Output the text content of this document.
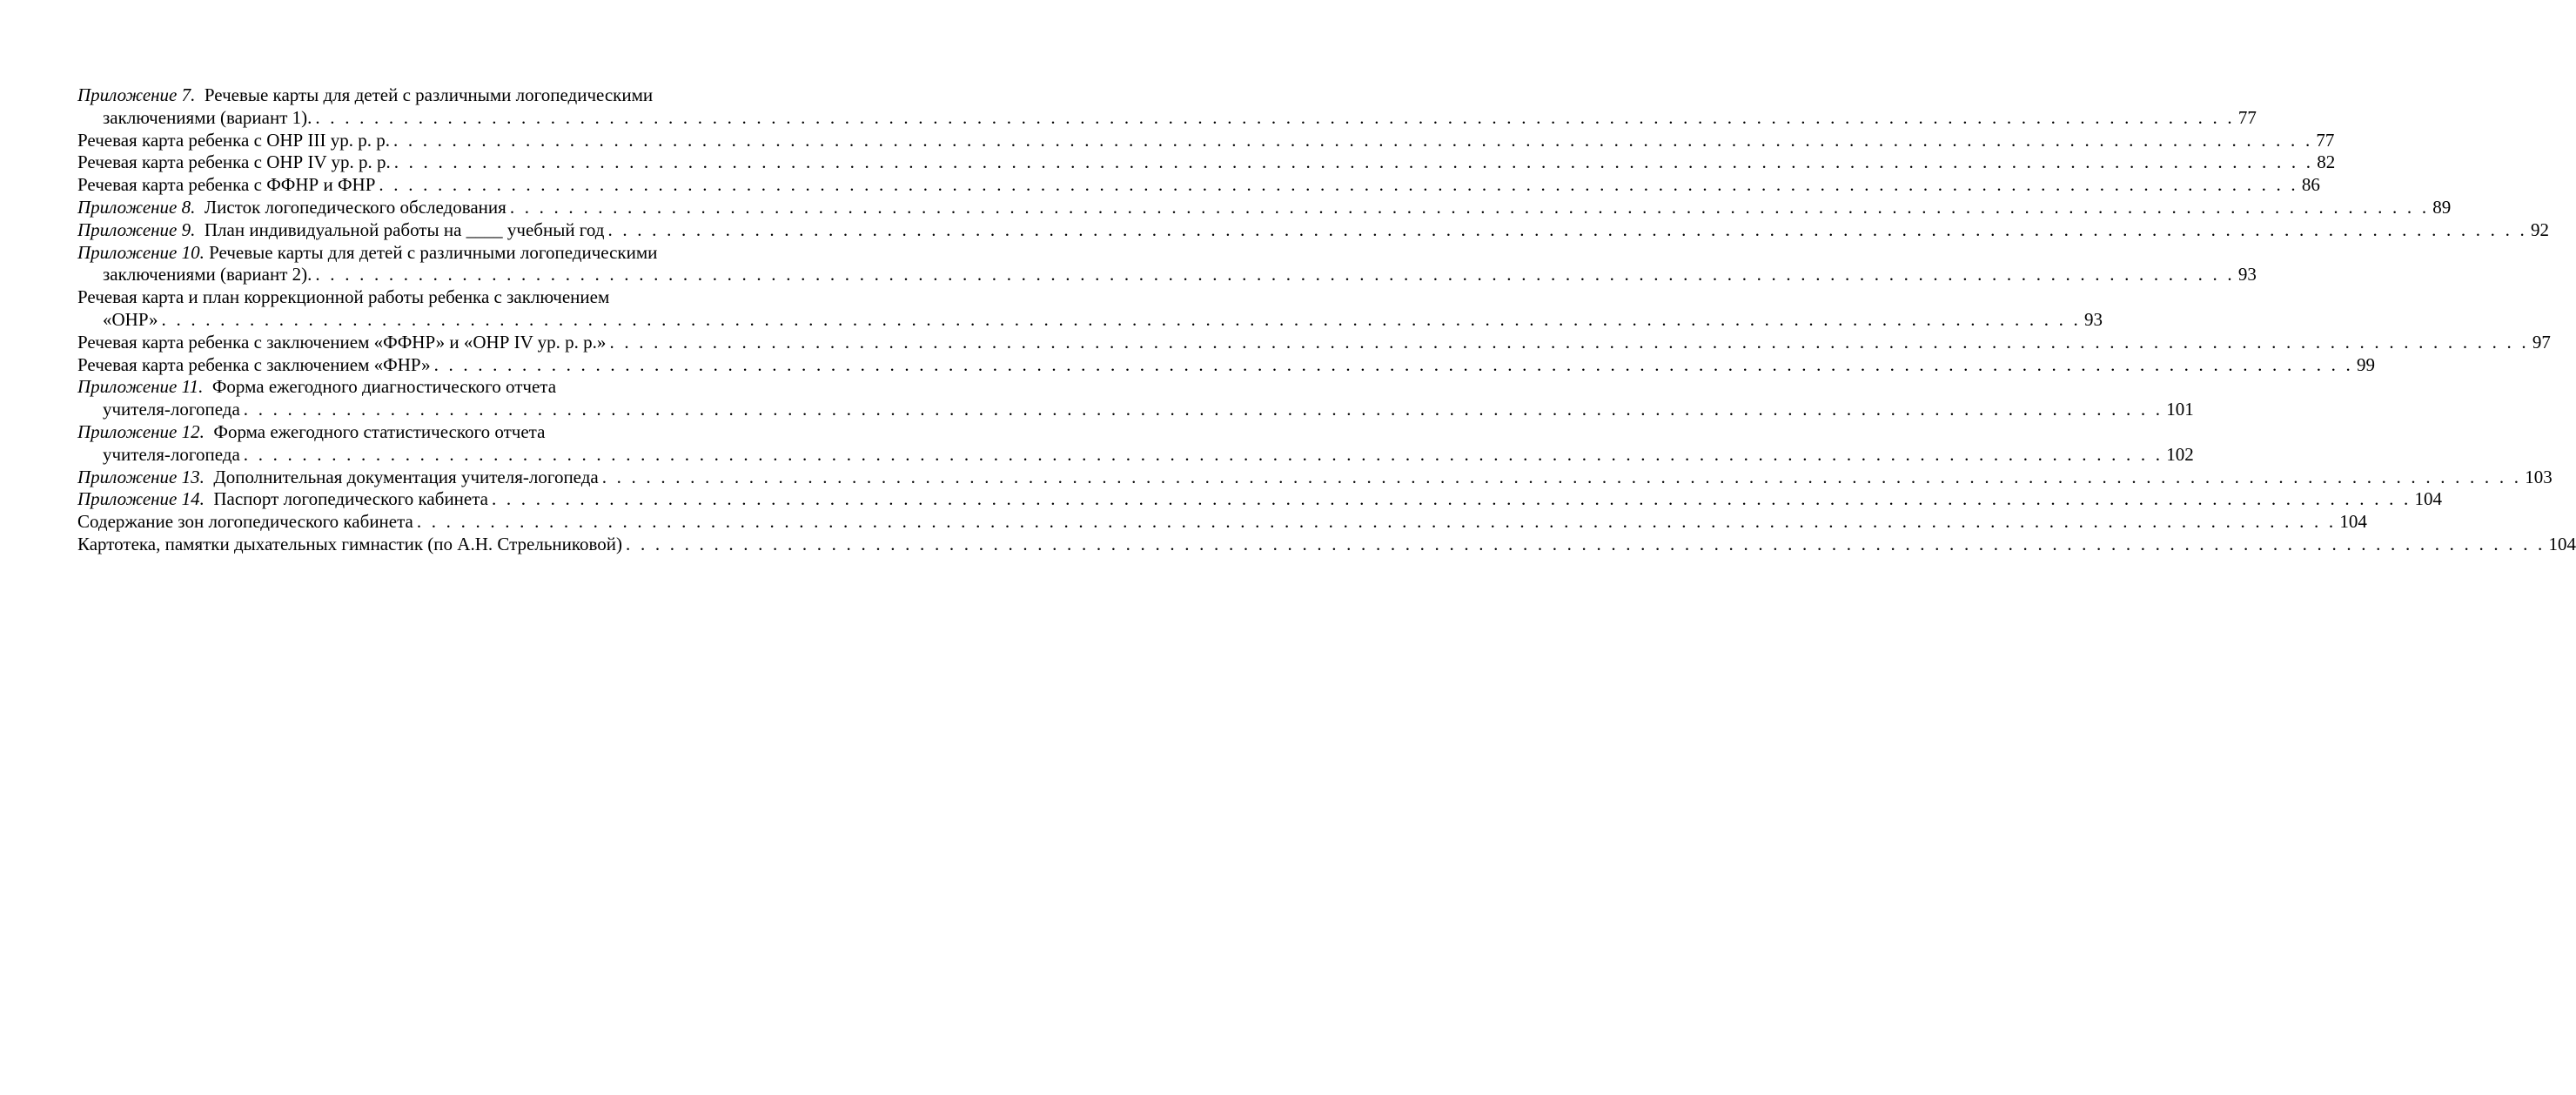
Приложение 7. Речевые карты для детей с различными логопедическими
заключениями (вариант 1). . . . . . . . . . . . . . . . . . . . . . . . . . . . . . . . . . . . . . . . . . . . . . . . . . . . . . . . . . . . . . . . . . . . . . . . . . . . . . . . . . . . . . . . . . . . . . . . . . . . . . . . . . . . . . . . . . . . . . . . . . . . . . . . . . . . 77
Речевая карта ребенка с ОНР III ур. р. р. . . . . . . . . . . . . . . . . . . . . . . . . . . . . . . . . . . . . . . . . . . . . . . . . . . . . . . . . . . . . . . . . . . . . . . . . . . . . . . . . . . . . . . . . . . . . . . . . . . . . . . . . . . . . . . . . . . . . . . . . . . . . . . . . . . . 77
Речевая карта ребенка с ОНР IV ур. р. р. . . . . . . . . . . . . . . . . . . . . . . . . . . . . . . . . . . . . . . . . . . . . . . . . . . . . . . . . . . . . . . . . . . . . . . . . . . . . . . . . . . . . . . . . . . . . . . . . . . . . . . . . . . . . . . . . . . . . . . . . . . . . . . . . . . . 82
Речевая карта ребенка с ФФНР и ФНР . . . . . . . . . . . . . . . . . . . . . . . . . . . . . . . . . . . . . . . . . . . . . . . . . . . . . . . . . . . . . . . . . . . . . . . . . . . . . . . . . . . . . . . . . . . . . . . . . . . . . . . . . . . . . . . . . . . . . . . . . . . . . . . . . . . 86
Приложение 8. Листок логопедического обследования . . . . . . . . . . . . . . . . . . . . . . . . . . . . . . . . . . . . . . . . . . . . . . . . . . . . . . . . . . . . . . . . . . . . . . . . . . . . . . . . . . . . . . . . . . . . . . . . . . . . . . . . . . . . . . . . . . . . . . . . . . . . . . . . . . . 89
Приложение 9. План индивидуальной работы на ____ учебный год . . . . . . . . . . . . . . . . . . . . . . . . . . . . . . . . . . . . . . . . . . . . . . . . . . . . . . . . . . . . . . . . . . . . . . . . . . . . . . . . . . . . . . . . . . . . . . . . . . . . . . . . . . . . . . . . . . . . . . . . . . . . . . . . . . . 92
Приложение 10. Речевые карты для детей с различными логопедическими
заключениями (вариант 2). . . . . . . . . . . . . . . . . . . . . . . . . . . . . . . . . . . . . . . . . . . . . . . . . . . . . . . . . . . . . . . . . . . . . . . . . . . . . . . . . . . . . . . . . . . . . . . . . . . . . . . . . . . . . . . . . . . . . . . . . . . . . . . . . . . . 93
Речевая карта и план коррекционной работы ребенка с заключением
«ОНР» . . . . . . . . . . . . . . . . . . . . . . . . . . . . . . . . . . . . . . . . . . . . . . . . . . . . . . . . . . . . . . . . . . . . . . . . . . . . . . . . . . . . . . . . . . . . . . . . . . . . . . . . . . . . . . . . . . . . . . . . . . . . . . . . . . . 93
Речевая карта ребенка с заключением «ФФНР» и «ОНР IV ур. р. р.» . . . . . . . . . . . . . . . . . . . . . . . . . . . . . . . . . . . . . . . . . . . . . . . . . . . . . . . . . . . . . . . . . . . . . . . . . . . . . . . . . . . . . . . . . . . . . . . . . . . . . . . . . . . . . . . . . . . . . . . . . . . . . . . . . . . 97
Речевая карта ребенка с заключением «ФНР» . . . . . . . . . . . . . . . . . . . . . . . . . . . . . . . . . . . . . . . . . . . . . . . . . . . . . . . . . . . . . . . . . . . . . . . . . . . . . . . . . . . . . . . . . . . . . . . . . . . . . . . . . . . . . . . . . . . . . . . . . . . . . . . . . . . 99
Приложение 11. Форма ежегодного диагностического отчета
учителя-логопеда . . . . . . . . . . . . . . . . . . . . . . . . . . . . . . . . . . . . . . . . . . . . . . . . . . . . . . . . . . . . . . . . . . . . . . . . . . . . . . . . . . . . . . . . . . . . . . . . . . . . . . . . . . . . . . . . . . . . . . . . . . . . . . . . . . . 101
Приложение 12. Форма ежегодного статистического отчета
учителя-логопеда . . . . . . . . . . . . . . . . . . . . . . . . . . . . . . . . . . . . . . . . . . . . . . . . . . . . . . . . . . . . . . . . . . . . . . . . . . . . . . . . . . . . . . . . . . . . . . . . . . . . . . . . . . . . . . . . . . . . . . . . . . . . . . . . . . . 102
Приложение 13. Дополнительная документация учителя-логопеда . . . . . . . . . . . . . . . . . . . . . . . . . . . . . . . . . . . . . . . . . . . . . . . . . . . . . . . . . . . . . . . . . . . . . . . . . . . . . . . . . . . . . . . . . . . . . . . . . . . . . . . . . . . . . . . . . . . . . . . . . . . . . . . . . . . 103
Приложение 14. Паспорт логопедического кабинета . . . . . . . . . . . . . . . . . . . . . . . . . . . . . . . . . . . . . . . . . . . . . . . . . . . . . . . . . . . . . . . . . . . . . . . . . . . . . . . . . . . . . . . . . . . . . . . . . . . . . . . . . . . . . . . . . . . . . . . . . . . . . . . . . . . 104
Содержание зон логопедического кабинета . . . . . . . . . . . . . . . . . . . . . . . . . . . . . . . . . . . . . . . . . . . . . . . . . . . . . . . . . . . . . . . . . . . . . . . . . . . . . . . . . . . . . . . . . . . . . . . . . . . . . . . . . . . . . . . . . . . . . . . . . . . . . . . . . . . 104
Картотека, памятки дыхательных гимнастик (по А.Н. Стрельниковой) . . . . . . . . . . . . . . . . . . . . . . . . . . . . . . . . . . . . . . . . . . . . . . . . . . . . . . . . . . . . . . . . . . . . . . . . . . . . . . . . . . . . . . . . . . . . . . . . . . . . . . . . . . . . . . . . . . . . . . . . . . . . . . . . . . . 104
